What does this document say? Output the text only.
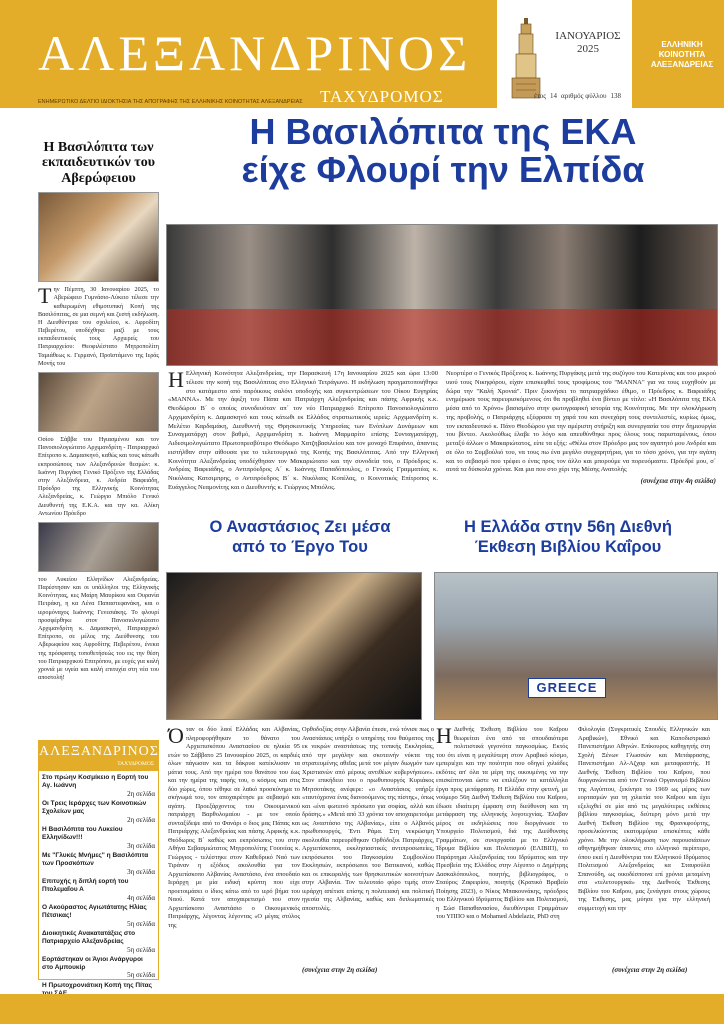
ΑΛΕΞΑΝΔΡΙΝΟΣ
ΤΑΧΥΔΡΟΜΟΣ
ΕΝΗΜΕΡΩΤΙΚΟ ΔΕΛΤΙΟ ΙΔΙΟΚΤΗΣΙΑ ΤΗΣ ΑΠΟΓΡΑΦΗΣ ΤΗΣ ΕΛΛΗΝΙΚΗΣ ΚΟΙΝΟΤΗΤΑΣ ΑΛΕΞΑΝΔΡΕΙΑΣ
ΕΛΛΗΝΙΚΗ
ΚΟΙΝΟΤΗΤΑ
ΑΛΕΞΑΝΔΡΕΙΑΣ
ΙΑΝΟΥΑΡΙΟΣ
2025
έτος 14 αριθμός φύλλου 138
Η Βασιλόπιτα των εκπαιδευτικών του Αβερώφειου
Τ ην Πέμπτη, 30 Ιανουαρίου 2025, το Αβερώφειο Γυμνάσιο-Λύκειο τέλεσε την καθιερωμένη εθιμοτυπική Κοπή της Βασιλόπιτας, σε μια σεμνή και ζεστή εκδήλωση. Η Διευθύντρια του σχολείου, κ. Αφροδίτη Πεβερέτου, υποδέχθηκε μαζί με τους εκπαιδευτικούς τους Αρχιερείς του Πατριαρχείου: Θεοφιλέστατο Μητροπολίτη Ταμιάθεως κ. Γερμανό, Προϊστάμενο της Ιεράς Μονής του
Οσίου Σάββα του Ηγιασμένου και τον Πανοσιολογιώτατο Αρχιμανδρίτη - Πατριαρχικό Επίτροπο κ. Δαμασκηνό, καθώς και τους κάτωθι εκπροσώπους των Αλεξανδρινών θεσμών: κ. Ιωάννη Πυργάκη Γενικό Πρόξενο της Ελλάδας στην Αλεξάνδρεια, κ. Ανδρέα Βαφειάδη, Πρόεδρο της Ελληνικής Κοινότητας Αλεξανδρείας, κ. Γεώργιο Μπιόλο Γενικό Διευθυντή της Ε.Κ.Α. και την κα. Αλίκη Αντωνίου Πρόεδρο
του Λυκείου Ελληνίδων Αλεξανδρείας. Παρέστησαν και οι υπάλληλοι της Ελληνικής Κοινότητας, κες Μαίρη Μαυρίκου και Ουρανία Πετράκη, η κα Λένα Παπαστεφανάκη, και ο ιερομόναχος Ιωάννης Γενεσιάκης. Το φλουρί προσφέρθηκε στον Πανοσιολογιώτατο Αρχιμανδρίτη κ. Δαμασκηνό, Πατριαρχικό Επίτροπο, σε μέλος της Διεύθυνσης του Αβερωφείου κας Αφροδίτης Πεβερέτου, ένεκα της πρόσφατης τοποθετήσεώς του εις την θέση του Πατριαρχικού Επιτρόπου, με ευχές για καλή χρονιά με υγεία και καλή επιτυχία στη νέα του αποστολή!
ΑΛΕΞΑΝΔΡΙΝΟΣ
ΤΑΧΥΔΡΟΜΟΣ
Στο πρώην Κοσμίκειο η Εορτή του Αγ. Ιωάννη
2η σελίδα
Οι Τρεις Ιεράρχες των Κοινοτικών Σχολείων μας
2η σελίδα
Η Βασιλόπιτα του Λυκείου Ελληνίδων!!!
3η σελίδα
Με "Γλυκές Μνήμες" η Βασιλόπιτα των Προσκόπων
3η σελίδα
Επιτυχής η διπλή εορτή του Πτολεμαΐου Α
4η σελίδα
Ο Ακούραστος Αγιωτάτατης Ηλίας Πέτσικας!
5η σελίδα
Διοικητικές Ανακατατάξεις στο Πατριαρχείο Αλεξανδρείας
5η σελίδα
Εορτάστηκαν οι Άγιοι Ανάργυροι στο Αμπουκίρ
5η σελίδα
Η Πρωτοχρονιάτικη Κοπή της Πίτας
Η Βασιλόπιτα της ΕΚΑ
είχε Φλουρί την Ελπίδα
Η Ελληνική Κοινότητα Αλεξανδρείας, την Παρασκευή 17η Ιανουαρίου 2025 και ώρα 13:00 τέλεσε την κοπή της Βασιλόπιτας στο Ελληνικό Τετράγωνο. Η εκδήλωση πραγματοποιήθηκε στο κατάμεστο από παρόικους σαλόνι υποδοχής και συγκεντρώσεων του Οίκου Ευγηρίας «ΜΑΝΝΑ». Με την άφιξη του Πάπα και Πατριάρχη Αλεξανδρείας και πάσης Αφρικής κ.κ. Θεοδώρου Β΄ ο οποίος συνοδευόταν απ΄ τον νέο Πατριαρχικό Επίτροπο Πανοσιολογιώτατο Αρχιμανδρίτη κ. Δαμασκηνό και τους κάτωθι εκ Ελλάδος στρατιωτικούς ιερείς: Αρχιμανδρίτη κ. Μελέτιο Καρδαμάκη, Διευθυντή της Θρησκευτικής Υπηρεσίας των Ενόπλων Δυνάμεων και Συναγματάρχη στον βαθμό, Αρχιμανδρίτη π. Ιωάννη Μαρμαρίτο επίσης Συνταγματάρχη, Αιδεσιμολογιώτατο Πρωτοπρεσβύτερο Θεόδωρο Χατζηβασιλείου και τον μοναχό Επιφάνιο, άπαντες ειστήλθαν στην αίθουσα για το τελετουργικό της Κοπής της Βασιλόπιτας. Από την Ελληνική Κοινότητα Αλεξανδρείας υποδέχθησαν τον Μακαριώτατο και την συνοδεία του, ο Πρόεδρος κ. Ανδρέας Βαφειάδης, ο Αντιπρόεδρος Α΄ κ. Ιωάννης Παπαδόπουλος, ο Γενικός Γραμματέας κ. Νικόλαος Κατσιμπρης, ο Αντιπρόεδρος Β΄ κ. Νικόλαος Κοπέλας, ο Κοινοτικός Επίτροπος κ. Ευάγγελος Νεαμονίτης και ο Διευθυντής κ. Γεώργιος Μπιόλος.
Νεορτέρσ ο Γενικός Πρόξενος κ. Ιωάννης Πυργάκης μετά της συζύγου του Κατερίνας και του μικρού υιού τους Νικηφόρου, είχαν επισκεφθεί τους τροφίμους του "ΜΑΝΝΑ" για να τους ευχηθούν με δώρα την "Καλή Χρονιά". Πριν ξεκινήσει το πατριαρχάδικο έθιμο, ο Πρόεδρος κ. Βαφειάδης ενημέρωσε τους παρευρισκόμενους ότι θα προβληθεί ένα βίντεο με τίτλο: «Η Βασιλόπιτα της ΕΚΑ μέσα από το Χρόνο» βασισμένο στην φωτογραφική ιστορία της Κοινότητας. Με την ολοκλήρωση της προβολής, ο Πατριάρχης εξέφρασε τη χαρά του και συνεχάρη τους συντελεστές, κυρίως όμως, τον εκπαιδευτικό κ. Πάνο Θεοδώρου για την αμέριστη στήριξη και συνεργασία του στην δημιουργία του βίντεο. Ακολούθως έλαβε το λόγο και απευθύνθηκε προς όλους τους παρισταμένους, όπου μεταξύ άλλων ο Μακαριώτατος, είπε τα εξής: «Θέλω στον Πρόεδρο μας τον αγαπητό μου Ανδρέα και σε όλο το Συμβούλιό του, να τους πω ένα μεγάλο συγχαρητήρια, για το τόσο χρόνο, για την αγάπη και το σεβασμό που τρέφει ο ένας προς τον άλλο και μπορούμε να πορευόμαστε. Πρόεδρέ μου, σ΄ αυτά τα δύσκολα χρόνια. Και μια που στο χέρι της Μέσης Ανατολής
(συνέχεια στην 4η σελίδα)
Ο Αναστάσιος Ζει μέσα
από το Έργο Του
Η Ελλάδα στην 56η Διεθνή
Έκθεση Βιβλίου Καΐρου
GREECE
Ό ταν οι δύο λαοί Ελλάδας και Αλβανίας, πληροφορήθηκαν το θάνατο του Αρχιεπισκόπου Αναστασίου σε ηλικία 95 ετών το Σάββατο 25 Ιανουαρίου 2025, οι καρδιές όλων πάγωσαν και τα δάκρυα κατέκλυσαν τα μάτια τους. Από την ημέρα του θανάτου του έως και την ημέρα της ταφής του, ο κόσμος και στις δύο χώρες, όπου τέθηκε σε λαϊκό προσκύνημα το σκήνωμά του, τον αποχαιρέτησε με σεβασμό και αγάπη. Προεξάρχοντος του Οικουμενικού πατριάρχη Βαρθολομαίου - με τον οποίο συνταξίδεψε από το Φανάρι ο διος μας Πάπας και Πατριάρχης Αλεξανδρείας και πάσης Αρφικής κ.κ. Θεόδωρος Β΄ καθώς και εκπρόσωπος του στην Αθήνα Σεβασμιώτατος Μητροπολίτης Γουινέας κ. Γεώργιος - τελέστηκε στον Καθεδρικό Ναό των Τιράναν η εξόδιος ακολουθία για τον Αρχιεπίσκοπο Αλβανίας Αναστάσιο, ένα σπουδαίο Ιεράρχη με μία ειδική κρύπτη που είχε προετοιμάσει ο ίδιος κάτω από το ιερό βήμα του Ναού. Κατά τον αποχαιρετισμό του στον Αρχιεπίσκοπο Αναστάσιο ο Οικουμενικός Πατριάρχης, λέγοντας λέγοντας «Ο μέγας στύλος της
Ορθοδοξίας στην Αλβανία έπεσε, ενώ τόνισε πως ο Αναστάσιος υπήρξε ο υπηρέτης του θαύματος της εκ νεκρών αναστάσεως της τοπικής Εκκλησίας, από την μεγάλην και σκοτεινήν νύκτα της στρατευμένης αθεΐας μετά τον μέγαν διωγμόν των Χριστιανών από μέρους αντιθέων κυβερνήσεων». Στον επικήδειο του ο πρωθυπουργός Κυριάκος Μητσοτάκης ανέφερε: «ο Αναστάσιος υπήρξε «ταυτόχρονα ένας διανοούμενος της πίστης», όπως και «ένα φωτεινό πρόσωπο για σοφίας, αλλά και δράσης.» «Μετά από 33 χρόνια τον αποχαιρετούμε ως Αναστάσιο της Αλβανίας», είπε ο Αλβανός πρωθυπουργός, Έντι Ράμα. Στη νεκρώσιμη ακολουθία παρευρέθηκαν Ορθόδοξοι Πατριάρχες, Αρχιεπίσκοποι, εκκλησιαστικές αντιπροσωπείες, εκπρόσωποι του Παγκοσμίου Συμβουλίου Εκκλησιών, εκπρόσωποι του Βατικανού, καθώς και οι επικεφαλής των θρησκευτικών κοινοτήτων στην Αλβανία. Τον τελευταίο φόρο τιμής στον ιεράρχη απέτισε επίσης η πολιτειακή και πολιτική ηγεσία της Αλβανίας, καθώς και διπλωματικές αποστολές.
(συνέχεια στην 2η σελίδα)
Η Διεθνής Έκθεση Βιβλίου του Καΐρου θεωρείται ένα από τα σπουδαιότερα πολιτιστικά γεγονότα παγκοσμίως. Εκτός του ότι είναι η μεγαλύτερη στον Αραβικό κόσμο, εμπεριέχει και την ποιότητα που οδηγεί χιλιάδες εκδότες απ' όλα τα μέρη της οικουμένης να την επισκέπτονται ώστε να επιλέξουν τα κατάλληλα έργα προς μετάφραση. Η Ελλάδα στην φετινή, με νούμερο 56η Διεθνή Έκθεση Βιβλίου του Καΐρου, έδωσε ιδιαίτερη έμφαση στη διεύθυνση και τη μετάφραση της ελληνικής λογοτεχνίας. Έλαβαν μέρος σε εκδηλώσεις που διοργάνωσε το Υπουργείο Πολιτισμού, διά της Διεύθυνσης Γραμμάτων, σε συνεργασία με το Ελληνικό Ίδρυμα Βιβλίου και Πολιτισμού (ΕΛΙΒΙΠ), το Παράρτημα Αλεξανδρείας του Ιδρύματος και την Πρεσβεία της Ελλάδος στην Αίγυπτο ο Δημήτρης Δασκαλόπουλος, ποιητής, βιβλιογράφος, ο Σταύρος Ζαφειρίου, ποιητής (Κρατικό Βραβείο Ποίησης 2023), ο Νίκος Μπακουνάκης, πρόεδρος του Ελληνικού Ιδρύματος Βιβλίου και Πολιτισμού, η Σώσ Παπαθανασίου, διευθύντρια Γραμμάτων του ΥΠΠΟ και ο Mohamed Abdelaziz, PhD στη
Φιλολογία (Συγκριτικές Σπουδές Ελληνικών και Αραβικών), Εθνικό και Καποδιστριακό Πανεπιστήμιο Αθηνών. Επίκουρος καθηγητής στη Σχολή Ξένων Γλωσσών και Μετάφρασης, Πανεπιστήμιο Αλ-Αζχαρ και μεταφραστής. Η Διεθνής Έκθεση Βιβλίου του Καΐρου, που διοργανώνεται από τον Γενικό Οργανισμό Βιβλίου της Αιγύπτου, ξεκίνησε το 1969 ως μέρος των εορτασμών για τη χιλιετία του Καΐρου και έχει εξελιχθεί σε μία από τις μεγαλύτερες εκθέσεις βιβλίου παγκοσμίως, δεύτερη μόνο μετά την Διεθνή Έκθεση Βιβλίου της Φρανκφούρτης, προσελκύοντας εκατομμύρια επισκέπτες κάθε χρόνο. Με την ολοκλήρωση των παρουσιάσεων αθηνημήθηκαν άπαντες στο ελληνικό περίπτερο, όπου εκεί η Διευθύντρια του Ελληνικού Ιδρύματος Πολιτισμού Αλεξανδρείας κα Σταυρούλα Σπανούδη, ως οικοδέσποινα επί χρόνια μεταμένη στα «τελετουργικά» της Διεθνούς Έκθεσης Βιβλίου του Καΐρου, μας ξενάγησε στους χώρους της Έκθεσης, μας μύησε για την ελληνική συμμετοχή και την
(συνέχεια στην 2η σελίδα)
